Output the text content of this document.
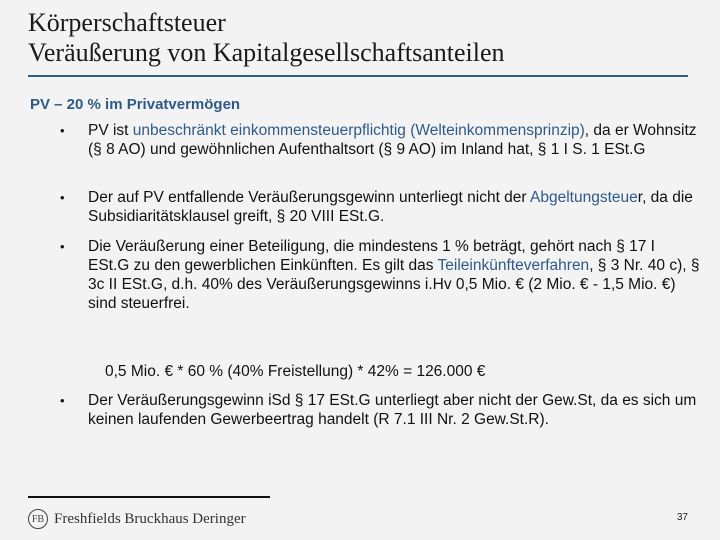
Körperschaftsteuer
Veräußerung von Kapitalgesellschaftsanteilen
PV – 20 % im Privatvermögen
• PV ist unbeschränkt einkommensteuerpflichtig (Welteinkommensprinzip), da er Wohnsitz (§ 8 AO) und gewöhnlichen Aufenthaltsort (§ 9 AO) im Inland hat, § 1 I S. 1 ESt.G
• Der auf PV entfallende Veräußerungsgewinn unterliegt nicht der Abgeltungsteuer, da die Subsidiaritätsklausel greift, § 20 VIII ESt.G.
• Die Veräußerung einer Beteiligung, die mindestens 1 % beträgt, gehört nach § 17 I ESt.G zu den gewerblichen Einkünften. Es gilt das Teileinkünfteverfahren, § 3 Nr. 40 c), § 3c II ESt.G, d.h. 40% des Veräußerungsgewinns i.Hv 0,5 Mio. € (2 Mio. € - 1,5 Mio. €) sind steuerfrei.
• Der Veräußerungsgewinn iSd § 17 ESt.G unterliegt aber nicht der Gew.St, da es sich um keinen laufenden Gewerbeertrag handelt (R 7.1 III Nr. 2 Gew.St.R).
0,5 Mio. € * 60 % (40% Freistellung) * 42% = 126.000 €
FB Freshfields Bruckhaus Deringer	37
